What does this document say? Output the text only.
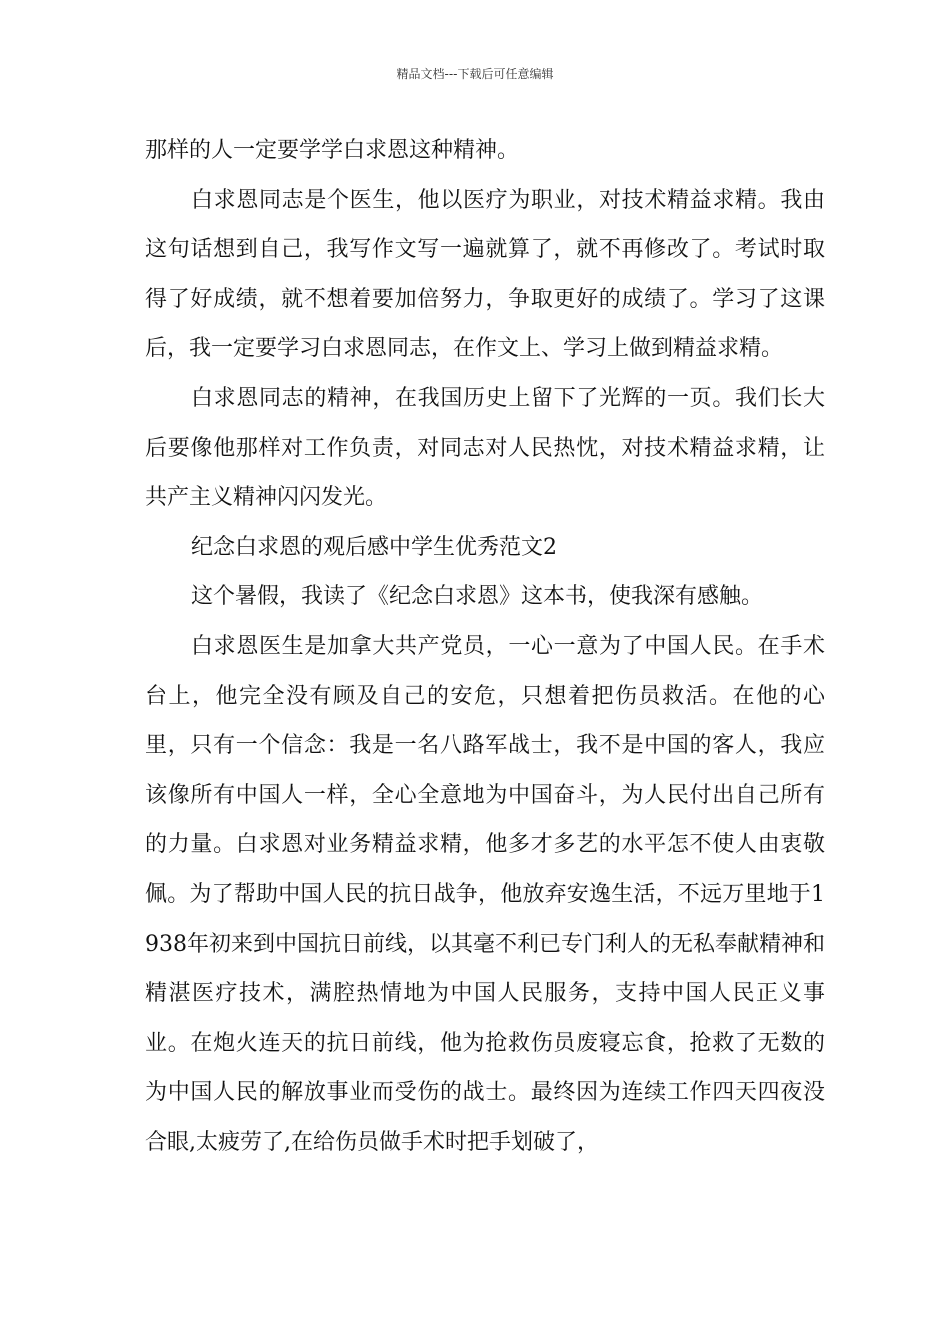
精品文档---下载后可任意编辑

那样的人一定要学学白求恩这种精神。

白求恩同志是个医生，他以医疗为职业，对技术精益求精。我由这句话想到自己，我写作文写一遍就算了，就不再修改了。考试时取得了好成绩，就不想着要加倍努力，争取更好的成绩了。学习了这课后，我一定要学习白求恩同志，在作文上、学习上做到精益求精。

白求恩同志的精神，在我国历史上留下了光辉的一页。我们长大后要像他那样对工作负责，对同志对人民热忱，对技术精益求精，让共产主义精神闪闪发光。

纪念白求恩的观后感中学生优秀范文2

这个暑假，我读了《纪念白求恩》这本书，使我深有感触。

白求恩医生是加拿大共产党员，一心一意为了中国人民。在手术台上，他完全没有顾及自己的安危，只想着把伤员救活。在他的心里，只有一个信念：我是一名八路军战士，我不是中国的客人，我应该像所有中国人一样，全心全意地为中国奋斗，为人民付出自己所有的力量。白求恩对业务精益求精，他多才多艺的水平怎不使人由衷敬佩。为了帮助中国人民的抗日战争，他放弃安逸生活，不远万里地于1938年初来到中国抗日前线，以其毫不利已专门利人的无私奉献精神和精湛医疗技术，满腔热情地为中国人民服务，支持中国人民正义事业。在炮火连天的抗日前线，他为抢救伤员废寝忘食，抢救了无数的为中国人民的解放事业而受伤的战士。最终因为连续工作四天四夜没合眼,太疲劳了,在给伤员做手术时把手划破了，
